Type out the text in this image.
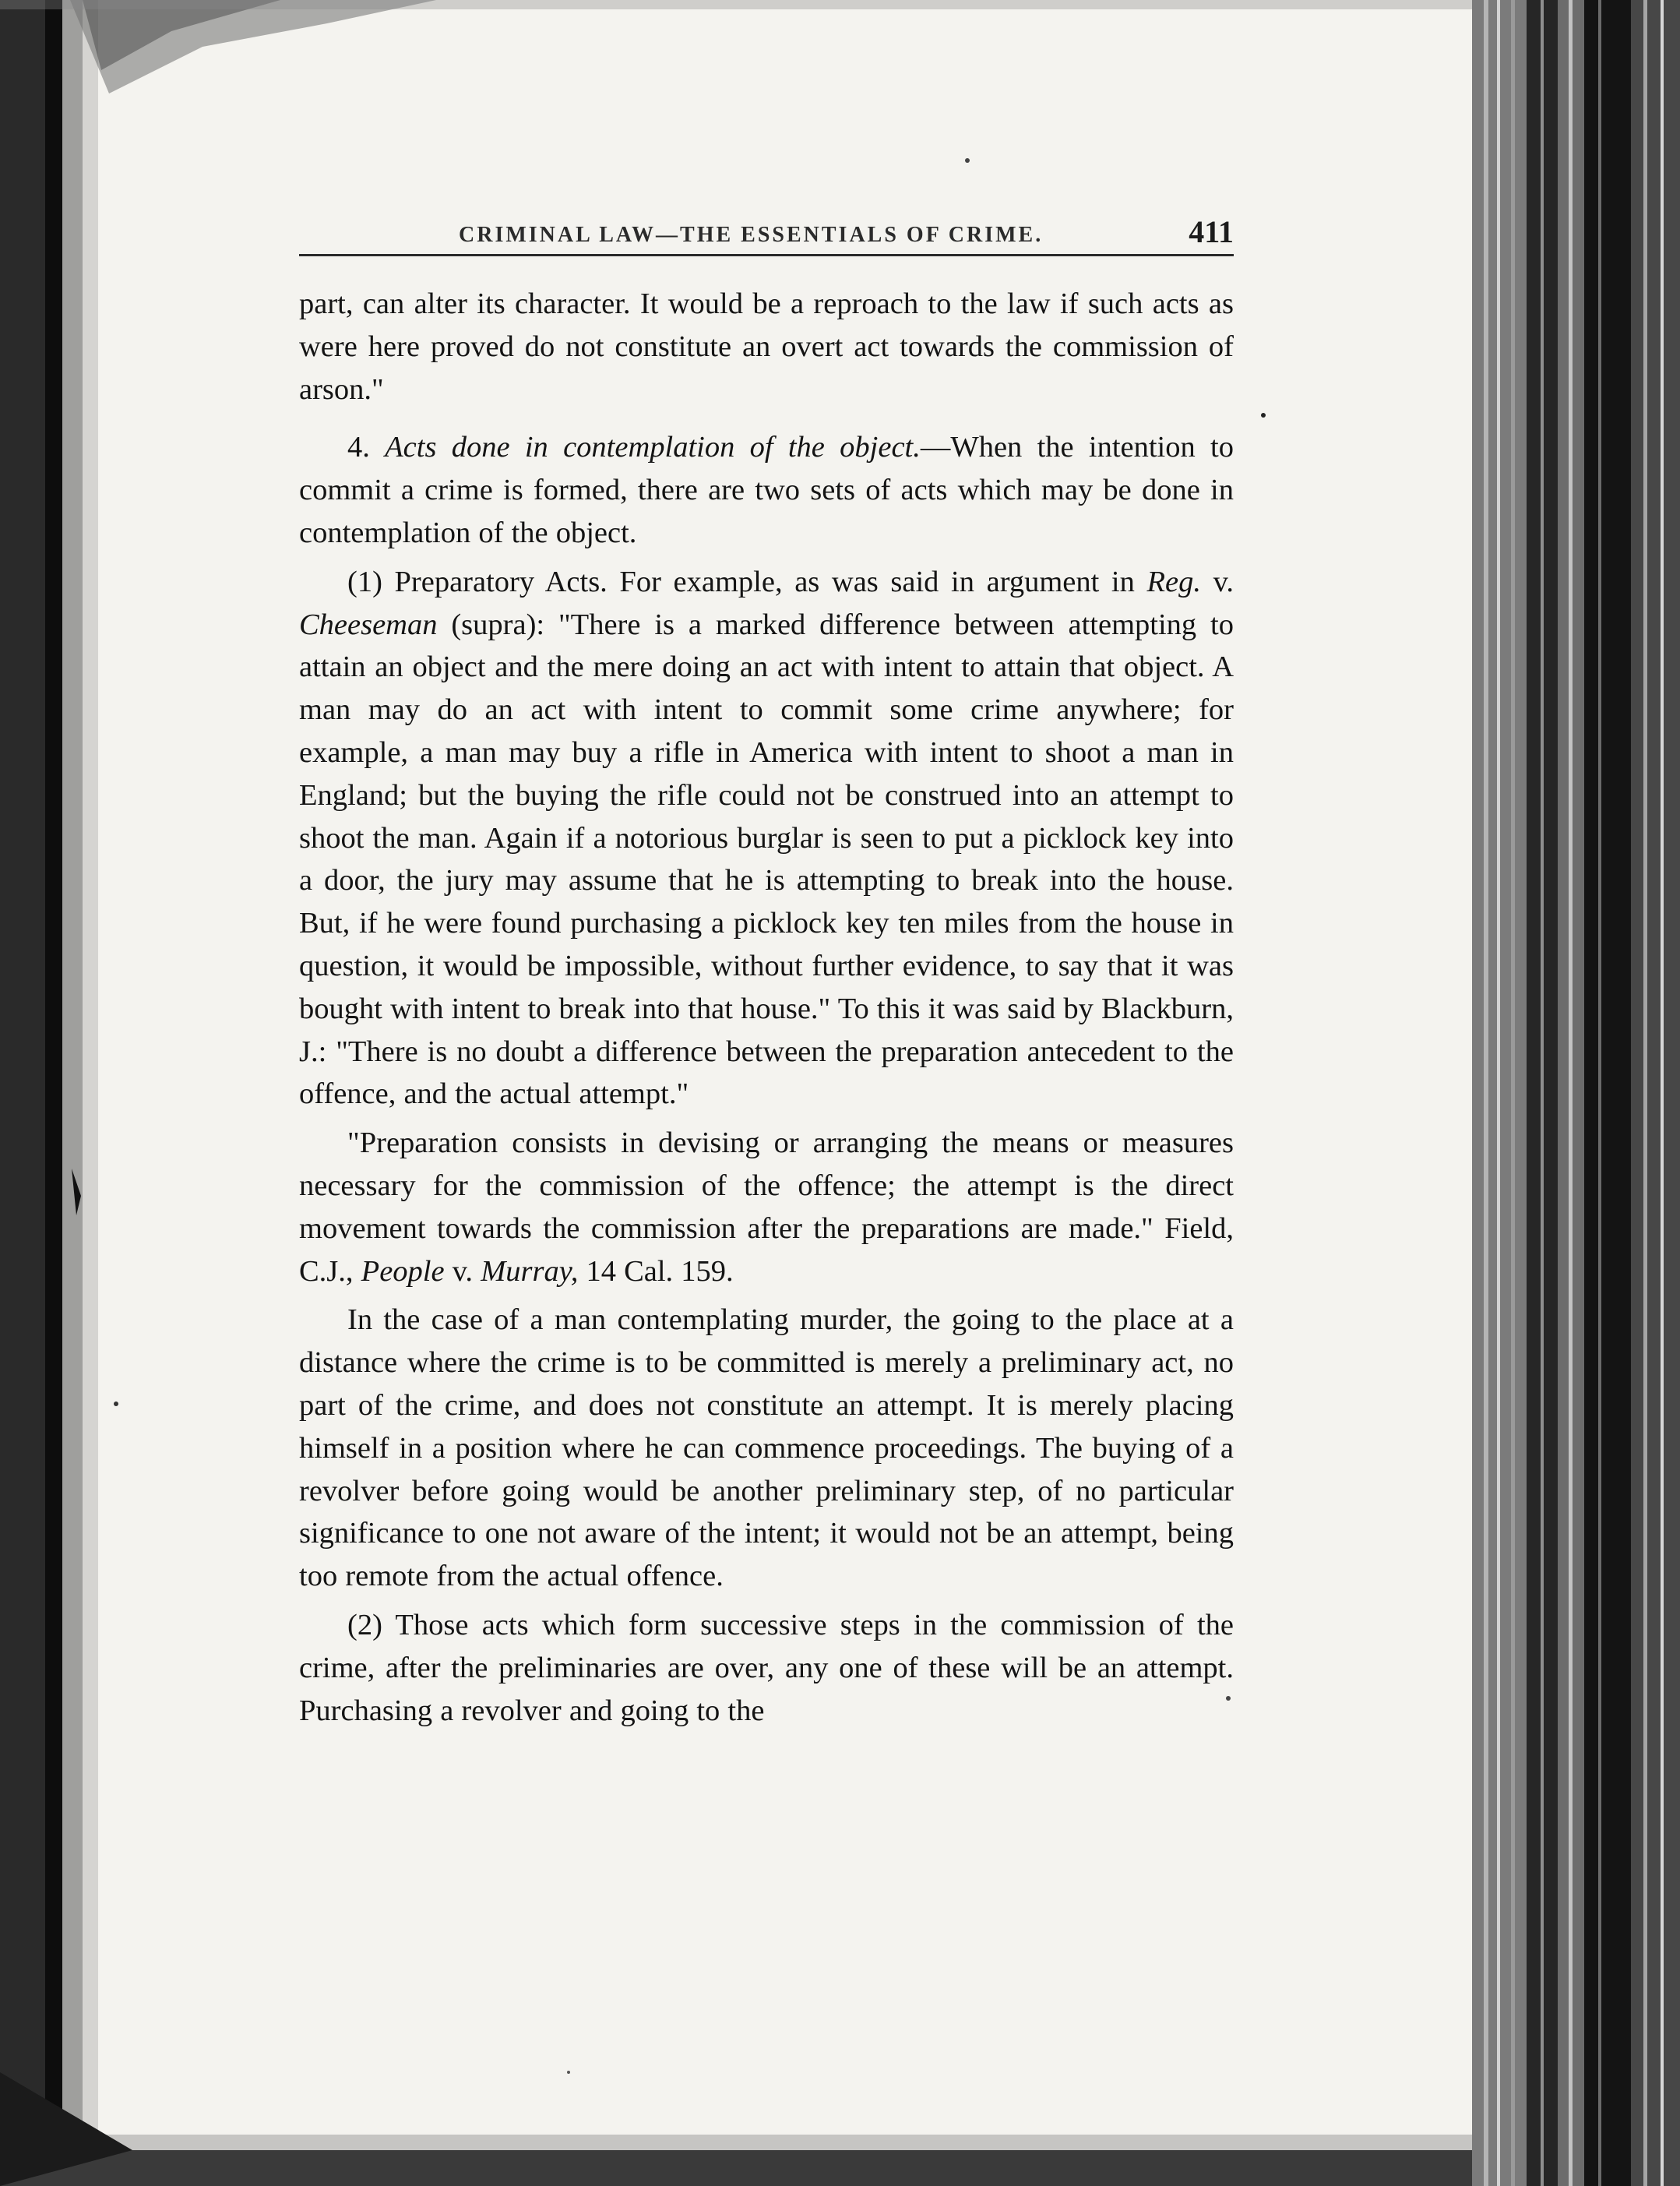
CRIMINAL LAW—THE ESSENTIALS OF CRIME.	411

part, can alter its character. It would be a reproach to the law if such acts as were here proved do not constitute an overt act towards the commission of arson."

4. Acts done in contemplation of the object.—When the intention to commit a crime is formed, there are two sets of acts which may be done in contemplation of the object.

(1) Preparatory Acts. For example, as was said in argument in Reg. v. Cheeseman (supra): "There is a marked difference between attempting to attain an object and the mere doing an act with intent to attain that object. A man may do an act with intent to commit some crime anywhere; for example, a man may buy a rifle in America with intent to shoot a man in England; but the buying the rifle could not be construed into an attempt to shoot the man. Again if a notorious burglar is seen to put a picklock key into a door, the jury may assume that he is attempting to break into the house. But, if he were found purchasing a picklock key ten miles from the house in question, it would be impossible, without further evidence, to say that it was bought with intent to break into that house." To this it was said by Blackburn, J.: "There is no doubt a difference between the preparation antecedent to the offence, and the actual attempt."

"Preparation consists in devising or arranging the means or measures necessary for the commission of the offence; the attempt is the direct movement towards the commission after the preparations are made." Field, C.J., People v. Murray, 14 Cal. 159.

In the case of a man contemplating murder, the going to the place at a distance where the crime is to be committed is merely a preliminary act, no part of the crime, and does not constitute an attempt. It is merely placing himself in a position where he can commence proceedings. The buying of a revolver before going would be another preliminary step, of no particular significance to one not aware of the intent; it would not be an attempt, being too remote from the actual offence.

(2) Those acts which form successive steps in the commission of the crime, after the preliminaries are over, any one of these will be an attempt. Purchasing a revolver and going to the
